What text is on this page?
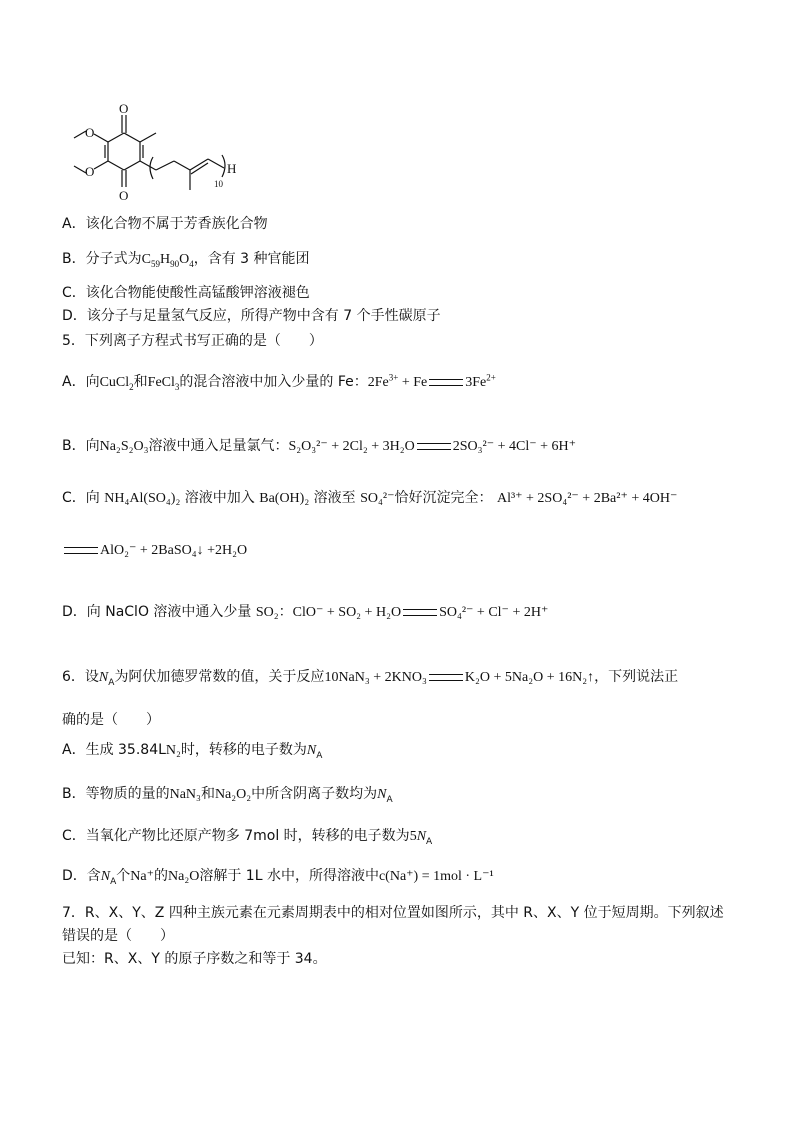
O
O
O
O	H
10
A．该化合物不属于芳香族化合物
B．分子式为$C_{59}H_{90}O_4$，含有 3 种官能团
C．该化合物能使酸性高锰酸钾溶液褪色
D．该分子与足量氢气反应，所得产物中含有 7 个手性碳原子
5．下列离子方程式书写正确的是（　　）
A．向CuCl$_2$和FeCl$_3$的混合溶液中加入少量的 Fe：$2Fe^{3+} + Fe$	$3Fe^{2+}$
B．向Na₂S₂O₃溶液中通入足量氯气：S₂O₃²⁻ + 2Cl₂ + 3H₂O	2SO₃²⁻ + 4Cl⁻ + 6H⁺
C．向 NH₄Al(SO₄)₂ 溶液中加入 Ba(OH)₂ 溶液至 SO₄²⁻恰好沉淀完全： Al³⁺ + 2SO₄²⁻ + 2Ba²⁺ + 4OH⁻
AlO₂⁻ + 2BaSO₄↓ +2H₂O
D．向 NaClO 溶液中通入少量 SO₂：ClO⁻ + SO₂ + H₂O	SO₄²⁻ + Cl⁻ + 2H⁺
6．设$N_A$为阿伏加德罗常数的值，关于反应10NaN₃ + 2KNO₃	K₂O + 5Na₂O + 16N₂↑，下列说法正
确的是（　　）
A．生成 35.84LN₂时，转移的电子数为$N_A$
B．等物质的量的NaN₃和Na₂O₂中所含阴离子数均为$N_A$
C．当氧化产物比还原产物多 7mol 时，转移的电子数为$5N_A$
D．含$N_A$个Na⁺的Na₂O溶解于 1L 水中，所得溶液中c(Na⁺) = 1mol · L⁻¹
7．R、X、Y、Z 四种主族元素在元素周期表中的相对位置如图所示，其中 R、X、Y 位于短周期。下列叙述
错误的是（　　）
已知：R、X、Y 的原子序数之和等于 34。
